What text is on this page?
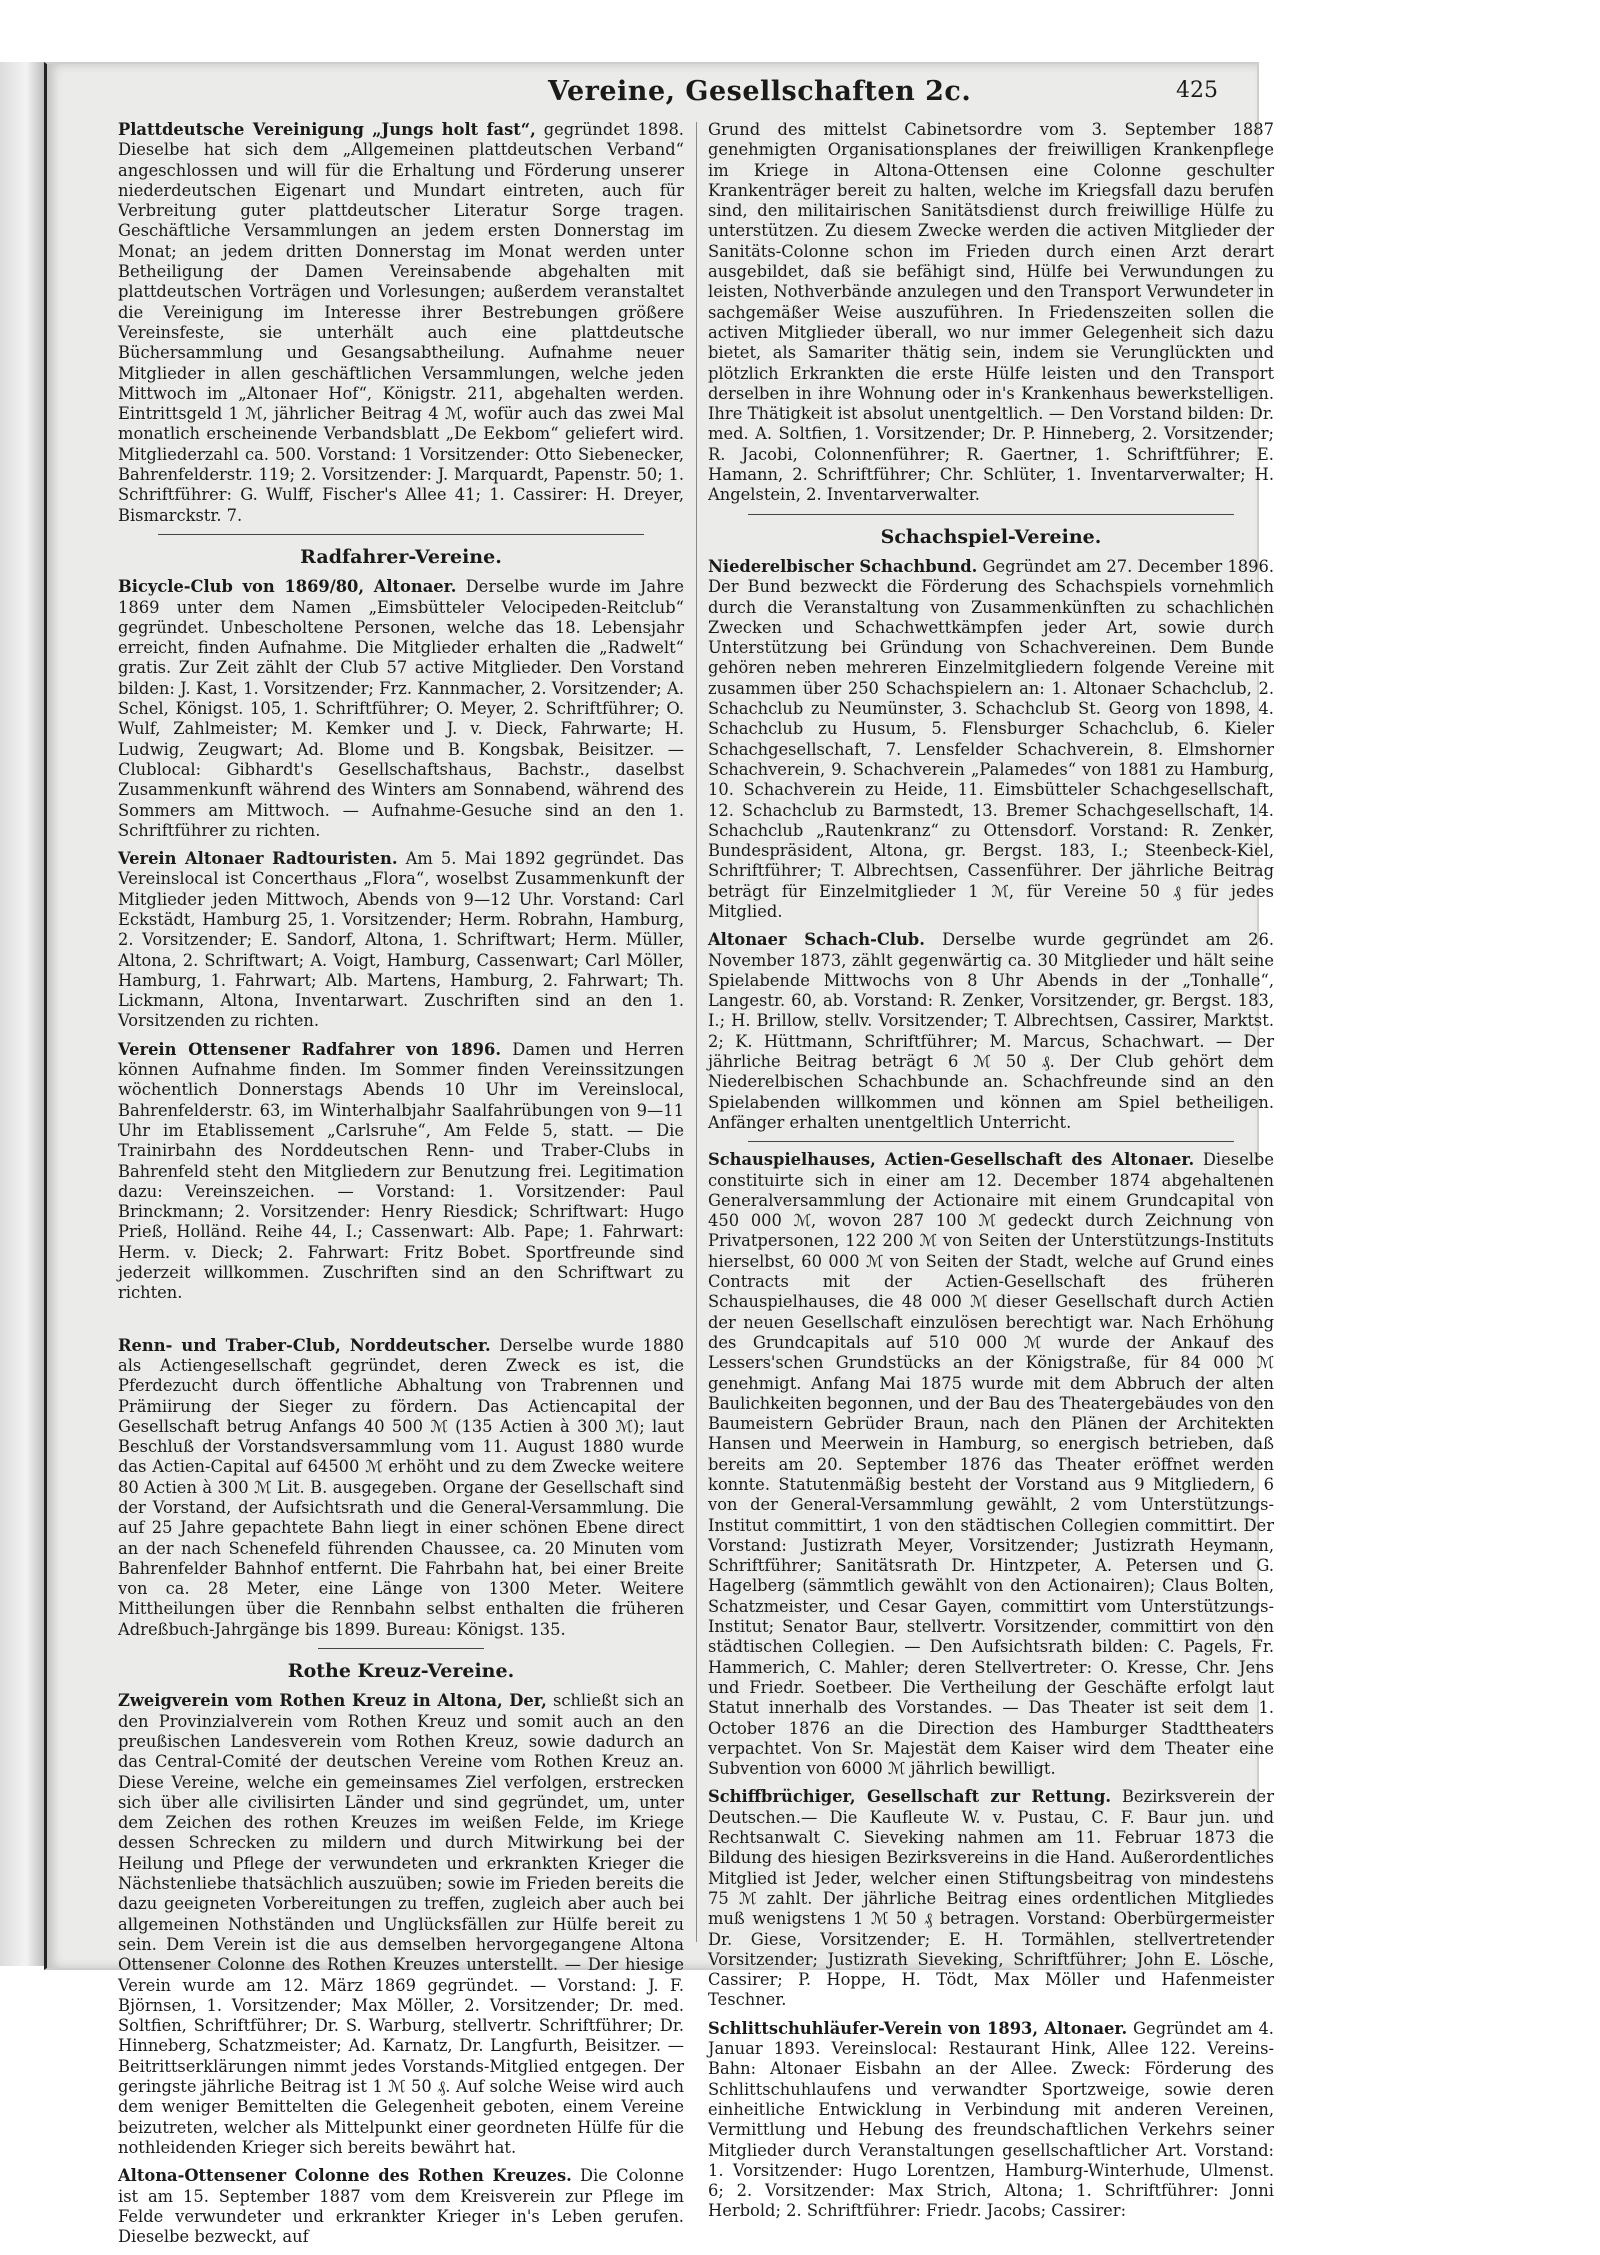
Vereine, Gesellschaften 2c.	425

Plattdeutsche Vereinigung „Jungs holt fast“, gegründet 1898. Dieselbe hat sich dem „Allgemeinen plattdeutschen Verband“ angeschlossen und will für die Erhaltung und Förderung unserer niederdeutschen Eigenart und Mundart eintreten, auch für Verbreitung guter plattdeutscher Literatur Sorge tragen. Geschäftliche Versammlungen an jedem ersten Donnerstag im Monat; an jedem dritten Donnerstag im Monat werden unter Betheiligung der Damen Vereinsabende abgehalten mit plattdeutschen Vorträgen und Vorlesungen; außerdem veranstaltet die Vereinigung im Interesse ihrer Bestrebungen größere Vereinsfeste, sie unterhält auch eine plattdeutsche Büchersammlung und Gesangsabtheilung. Aufnahme neuer Mitglieder in allen geschäftlichen Versammlungen, welche jeden Mittwoch im „Altonaer Hof“, Königstr. 211, abgehalten werden. Eintrittsgeld 1 ℳ, jährlicher Beitrag 4 ℳ, wofür auch das zwei Mal monatlich erscheinende Verbandsblatt „De Eekbom“ geliefert wird. Mitgliederzahl ca. 500. Vorstand: 1 Vorsitzender: Otto Siebenecker, Bahrenfelderstr. 119; 2. Vorsitzender: J. Marquardt, Papenstr. 50; 1. Schriftführer: G. Wulff, Fischer's Allee 41; 1. Cassirer: H. Dreyer, Bismarckstr. 7.

Radfahrer-Vereine.

Bicycle-Club von 1869/80, Altonaer. Derselbe wurde im Jahre 1869 unter dem Namen „Eimsbütteler Velocipeden-Reitclub“ gegründet. Unbescholtene Personen, welche das 18. Lebensjahr erreicht, finden Aufnahme. Die Mitglieder erhalten die „Radwelt“ gratis. Zur Zeit zählt der Club 57 active Mitglieder. Den Vorstand bilden: J. Kast, 1. Vorsitzender; Frz. Kannmacher, 2. Vorsitzender; A. Schel, Königst. 105, 1. Schriftführer; O. Meyer, 2. Schriftführer; O. Wulf, Zahlmeister; M. Kemker und J. v. Dieck, Fahrwarte; H. Ludwig, Zeugwart; Ad. Blome und B. Kongsbak, Beisitzer. — Clublocal: Gibhardt's Gesellschaftshaus, Bachstr., daselbst Zusammenkunft während des Winters am Sonnabend, während des Sommers am Mittwoch. — Aufnahme-Gesuche sind an den 1. Schriftführer zu richten.

Verein Altonaer Radtouristen. Am 5. Mai 1892 gegründet. Das Vereinslocal ist Concerthaus „Flora“, woselbst Zusammenkunft der Mitglieder jeden Mittwoch, Abends von 9—12 Uhr. Vorstand: Carl Eckstädt, Hamburg 25, 1. Vorsitzender; Herm. Robrahn, Hamburg, 2. Vorsitzender; E. Sandorf, Altona, 1. Schriftwart; Herm. Müller, Altona, 2. Schriftwart; A. Voigt, Hamburg, Cassenwart; Carl Möller, Hamburg, 1. Fahrwart; Alb. Martens, Hamburg, 2. Fahrwart; Th. Lickmann, Altona, Inventarwart. Zuschriften sind an den 1. Vorsitzenden zu richten.

Verein Ottensener Radfahrer von 1896. Damen und Herren können Aufnahme finden. Im Sommer finden Vereinssitzungen wöchentlich Donnerstags Abends 10 Uhr im Vereinslocal, Bahrenfelderstr. 63, im Winterhalbjahr Saalfahrübungen von 9—11 Uhr im Etablissement „Carlsruhe“, Am Felde 5, statt. — Die Trainirbahn des Norddeutschen Renn- und Traber-Clubs in Bahrenfeld steht den Mitgliedern zur Benutzung frei. Legitimation dazu: Vereinszeichen. — Vorstand: 1. Vorsitzender: Paul Brinckmann; 2. Vorsitzender: Henry Riesdick; Schriftwart: Hugo Prieß, Holländ. Reihe 44, I.; Cassenwart: Alb. Pape; 1. Fahrwart: Herm. v. Dieck; 2. Fahrwart: Fritz Bobet. Sportfreunde sind jederzeit willkommen. Zuschriften sind an den Schriftwart zu richten.

Renn- und Traber-Club, Norddeutscher. Derselbe wurde 1880 als Actiengesellschaft gegründet, deren Zweck es ist, die Pferdezucht durch öffentliche Abhaltung von Trabrennen und Prämiirung der Sieger zu fördern. Das Actiencapital der Gesellschaft betrug Anfangs 40 500 ℳ (135 Actien à 300 ℳ); laut Beschluß der Vorstandsversammlung vom 11. August 1880 wurde das Actien-Capital auf 64500 ℳ erhöht und zu dem Zwecke weitere 80 Actien à 300 ℳ Lit. B. ausgegeben. Organe der Gesellschaft sind der Vorstand, der Aufsichtsrath und die General-Versammlung. Die auf 25 Jahre gepachtete Bahn liegt in einer schönen Ebene direct an der nach Schenefeld führenden Chaussee, ca. 20 Minuten vom Bahrenfelder Bahnhof entfernt. Die Fahrbahn hat, bei einer Breite von ca. 28 Meter, eine Länge von 1300 Meter. Weitere Mittheilungen über die Rennbahn selbst enthalten die früheren Adreßbuch-Jahrgänge bis 1899. Bureau: Königst. 135.

Rothe Kreuz-Vereine.

Zweigverein vom Rothen Kreuz in Altona, Der, schließt sich an den Provinzialverein vom Rothen Kreuz und somit auch an den preußischen Landesverein vom Rothen Kreuz, sowie dadurch an das Central-Comité der deutschen Vereine vom Rothen Kreuz an. Diese Vereine, welche ein gemeinsames Ziel verfolgen, erstrecken sich über alle civilisirten Länder und sind gegründet, um, unter dem Zeichen des rothen Kreuzes im weißen Felde, im Kriege dessen Schrecken zu mildern und durch Mitwirkung bei der Heilung und Pflege der verwundeten und erkrankten Krieger die Nächstenliebe thatsächlich auszuüben; sowie im Frieden bereits die dazu geeigneten Vorbereitungen zu treffen, zugleich aber auch bei allgemeinen Nothständen und Unglücksfällen zur Hülfe bereit zu sein. Dem Verein ist die aus demselben hervorgegangene Altona Ottensener Colonne des Rothen Kreuzes unterstellt. — Der hiesige Verein wurde am 12. März 1869 gegründet. — Vorstand: J. F. Björnsen, 1. Vorsitzender; Max Möller, 2. Vorsitzender; Dr. med. Soltfien, Schriftführer; Dr. S. Warburg, stellvertr. Schriftführer; Dr. Hinneberg, Schatzmeister; Ad. Karnatz, Dr. Langfurth, Beisitzer. — Beitrittserklärungen nimmt jedes Vorstands-Mitglied entgegen. Der geringste jährliche Beitrag ist 1 ℳ 50 ₰. Auf solche Weise wird auch dem weniger Bemittelten die Gelegenheit geboten, einem Vereine beizutreten, welcher als Mittelpunkt einer geordneten Hülfe für die nothleidenden Krieger sich bereits bewährt hat.

Altona-Ottensener Colonne des Rothen Kreuzes. Die Colonne ist am 15. September 1887 vom dem Kreisverein zur Pflege im Felde verwundeter und erkrankter Krieger in's Leben gerufen. Dieselbe bezweckt, auf

Grund des mittelst Cabinetsordre vom 3. September 1887 genehmigten Organisationsplanes der freiwilligen Krankenpflege im Kriege in Altona-Ottensen eine Colonne geschulter Krankenträger bereit zu halten, welche im Kriegsfall dazu berufen sind, den militairischen Sanitätsdienst durch freiwillige Hülfe zu unterstützen. Zu diesem Zwecke werden die activen Mitglieder der Sanitäts-Colonne schon im Frieden durch einen Arzt derart ausgebildet, daß sie befähigt sind, Hülfe bei Verwundungen zu leisten, Nothverbände anzulegen und den Transport Verwundeter in sachgemäßer Weise auszuführen. In Friedenszeiten sollen die activen Mitglieder überall, wo nur immer Gelegenheit sich dazu bietet, als Samariter thätig sein, indem sie Verunglückten und plötzlich Erkrankten die erste Hülfe leisten und den Transport derselben in ihre Wohnung oder in's Krankenhaus bewerkstelligen. Ihre Thätigkeit ist absolut unentgeltlich. — Den Vorstand bilden: Dr. med. A. Soltfien, 1. Vorsitzender; Dr. P. Hinneberg, 2. Vorsitzender; R. Jacobi, Colonnenführer; R. Gaertner, 1. Schriftführer; E. Hamann, 2. Schriftführer; Chr. Schlüter, 1. Inventarverwalter; H. Angelstein, 2. Inventarverwalter.

Schachspiel-Vereine.

Niederelbischer Schachbund. Gegründet am 27. December 1896. Der Bund bezweckt die Förderung des Schachspiels vornehmlich durch die Veranstaltung von Zusammenkünften zu schachlichen Zwecken und Schachwettkämpfen jeder Art, sowie durch Unterstützung bei Gründung von Schachvereinen. Dem Bunde gehören neben mehreren Einzelmitgliedern folgende Vereine mit zusammen über 250 Schachspielern an: 1. Altonaer Schachclub, 2. Schachclub zu Neumünster, 3. Schachclub St. Georg von 1898, 4. Schachclub zu Husum, 5. Flensburger Schachclub, 6. Kieler Schachgesellschaft, 7. Lensfelder Schachverein, 8. Elmshorner Schachverein, 9. Schachverein „Palamedes“ von 1881 zu Hamburg, 10. Schachverein zu Heide, 11. Eimsbütteler Schachgesellschaft, 12. Schachclub zu Barmstedt, 13. Bremer Schachgesellschaft, 14. Schachclub „Rautenkranz“ zu Ottensdorf. Vorstand: R. Zenker, Bundespräsident, Altona, gr. Bergst. 183, I.; Steenbeck-Kiel, Schriftführer; T. Albrechtsen, Cassenführer. Der jährliche Beitrag beträgt für Einzelmitglieder 1 ℳ, für Vereine 50 ₰ für jedes Mitglied.

Altonaer Schach-Club. Derselbe wurde gegründet am 26. November 1873, zählt gegenwärtig ca. 30 Mitglieder und hält seine Spielabende Mittwochs von 8 Uhr Abends in der „Tonhalle“, Langestr. 60, ab. Vorstand: R. Zenker, Vorsitzender, gr. Bergst. 183, I.; H. Brillow, stellv. Vorsitzender; T. Albrechtsen, Cassirer, Marktst. 2; K. Hüttmann, Schriftführer; M. Marcus, Schachwart. — Der jährliche Beitrag beträgt 6 ℳ 50 ₰. Der Club gehört dem Niederelbischen Schachbunde an. Schachfreunde sind an den Spielabenden willkommen und können am Spiel betheiligen. Anfänger erhalten unentgeltlich Unterricht.

Schauspielhauses, Actien-Gesellschaft des Altonaer. Dieselbe constituirte sich in einer am 12. December 1874 abgehaltenen Generalversammlung der Actionaire mit einem Grundcapital von 450 000 ℳ, wovon 287 100 ℳ gedeckt durch Zeichnung von Privatpersonen, 122 200 ℳ von Seiten der Unterstützungs-Instituts hierselbst, 60 000 ℳ von Seiten der Stadt, welche auf Grund eines Contracts mit der Actien-Gesellschaft des früheren Schauspielhauses, die 48 000 ℳ dieser Gesellschaft durch Actien der neuen Gesellschaft einzulösen berechtigt war. Nach Erhöhung des Grundcapitals auf 510 000 ℳ wurde der Ankauf des Lessers'schen Grundstücks an der Königstraße, für 84 000 ℳ genehmigt. Anfang Mai 1875 wurde mit dem Abbruch der alten Baulichkeiten begonnen, und der Bau des Theatergebäudes von den Baumeistern Gebrüder Braun, nach den Plänen der Architekten Hansen und Meerwein in Hamburg, so energisch betrieben, daß bereits am 20. September 1876 das Theater eröffnet werden konnte. Statutenmäßig besteht der Vorstand aus 9 Mitgliedern, 6 von der General-Versammlung gewählt, 2 vom Unterstützungs-Institut committirt, 1 von den städtischen Collegien committirt. Der Vorstand: Justizrath Meyer, Vorsitzender; Justizrath Heymann, Schriftführer; Sanitätsrath Dr. Hintzpeter, A. Petersen und G. Hagelberg (sämmtlich gewählt von den Actionairen); Claus Bolten, Schatzmeister, und Cesar Gayen, committirt vom Unterstützungs-Institut; Senator Baur, stellvertr. Vorsitzender, committirt von den städtischen Collegien. — Den Aufsichtsrath bilden: C. Pagels, Fr. Hammerich, C. Mahler; deren Stellvertreter: O. Kresse, Chr. Jens und Friedr. Soetbeer. Die Vertheilung der Geschäfte erfolgt laut Statut innerhalb des Vorstandes. — Das Theater ist seit dem 1. October 1876 an die Direction des Hamburger Stadttheaters verpachtet. Von Sr. Majestät dem Kaiser wird dem Theater eine Subvention von 6000 ℳ jährlich bewilligt.

Schiffbrüchiger, Gesellschaft zur Rettung. Bezirksverein der Deutschen.— Die Kaufleute W. v. Pustau, C. F. Baur jun. und Rechtsanwalt C. Sieveking nahmen am 11. Februar 1873 die Bildung des hiesigen Bezirksvereins in die Hand. Außerordentliches Mitglied ist Jeder, welcher einen Stiftungsbeitrag von mindestens 75 ℳ zahlt. Der jährliche Beitrag eines ordentlichen Mitgliedes muß wenigstens 1 ℳ 50 ₰ betragen. Vorstand: Oberbürgermeister Dr. Giese, Vorsitzender; E. H. Tormählen, stellvertretender Vorsitzender; Justizrath Sieveking, Schriftführer; John E. Lösche, Cassirer; P. Hoppe, H. Tödt, Max Möller und Hafenmeister Teschner.

Schlittschuhläufer-Verein von 1893, Altonaer. Gegründet am 4. Januar 1893. Vereinslocal: Restaurant Hink, Allee 122. Vereins-Bahn: Altonaer Eisbahn an der Allee. Zweck: Förderung des Schlittschuhlaufens und verwandter Sportzweige, sowie deren einheitliche Entwicklung in Verbindung mit anderen Vereinen, Vermittlung und Hebung des freundschaftlichen Verkehrs seiner Mitglieder durch Veranstaltungen gesellschaftlicher Art. Vorstand: 1. Vorsitzender: Hugo Lorentzen, Hamburg-Winterhude, Ulmenst. 6; 2. Vorsitzender: Max Strich, Altona; 1. Schriftführer: Jonni Herbold; 2. Schriftführer: Friedr. Jacobs; Cassirer:
